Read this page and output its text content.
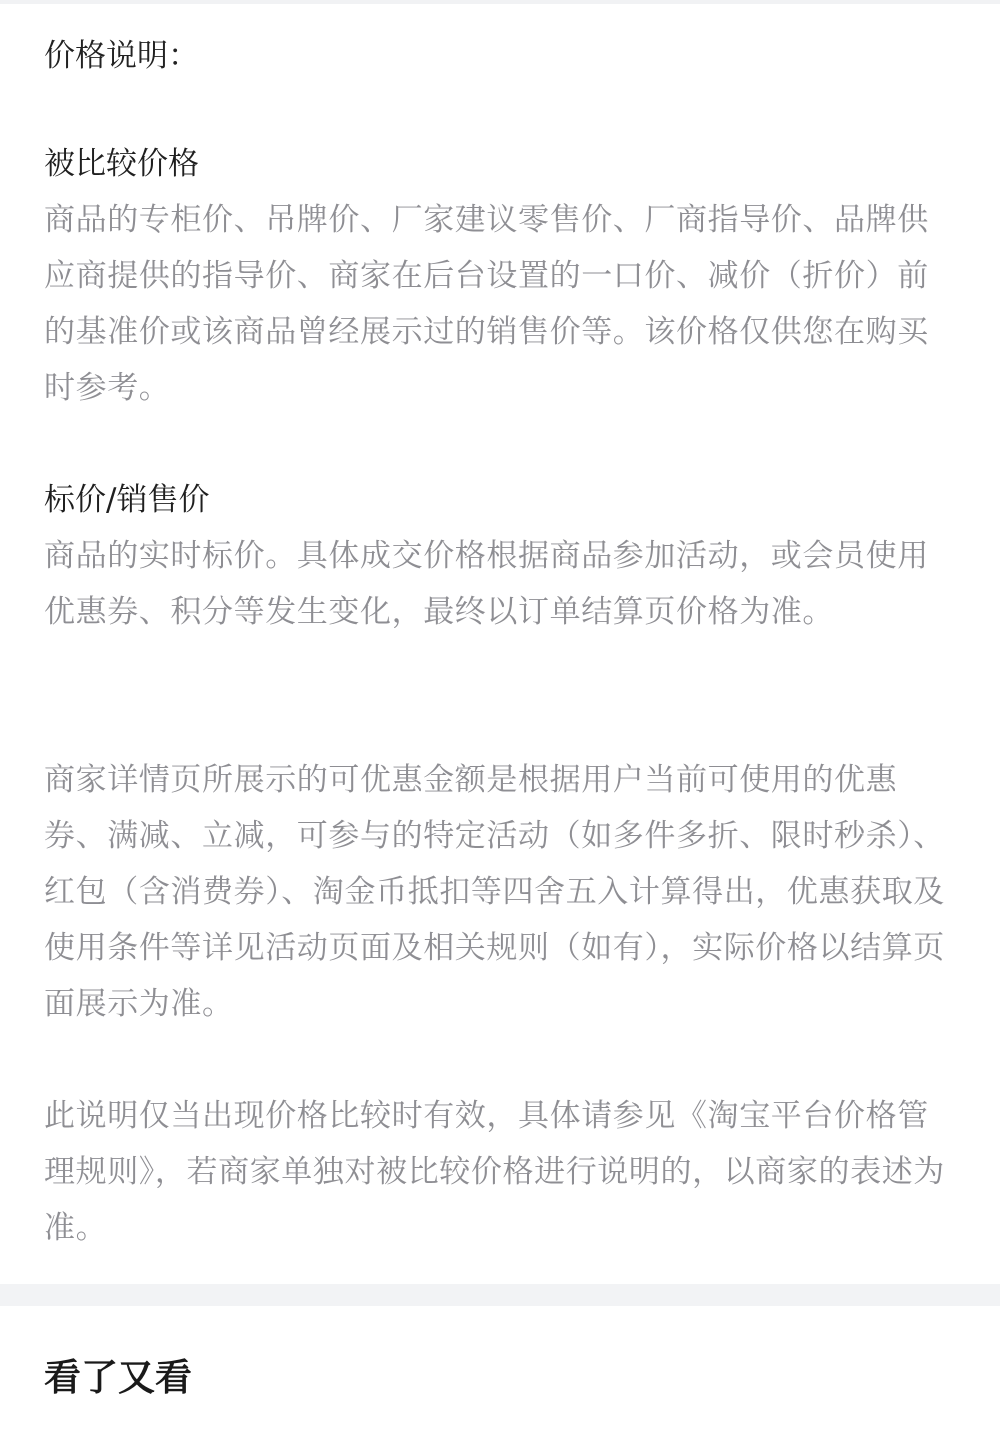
价格说明：
被比较价格

商品的专柜价、吊牌价、厂家建议零售价、厂商指导价、品牌供应商提供的指导价、商家在后台设置的一口价、减价（折价）前的基准价或该商品曾经展示过的销售价等。该价格仅供您在购买时参考。

标价/销售价

商品的实时标价。具体成交价格根据商品参加活动，或会员使用优惠券、积分等发生变化，最终以订单结算页价格为准。

商家详情页所展示的可优惠金额是根据用户当前可使用的优惠券、满减、立减，可参与的特定活动（如多件多折、限时秒杀）、红包（含消费券）、淘金币抵扣等四舍五入计算得出，优惠获取及使用条件等详见活动页面及相关规则（如有），实际价格以结算页面展示为准。

此说明仅当出现价格比较时有效，具体请参见《淘宝平台价格管理规则》，若商家单独对被比较价格进行说明的，以商家的表述为准。

看了又看
